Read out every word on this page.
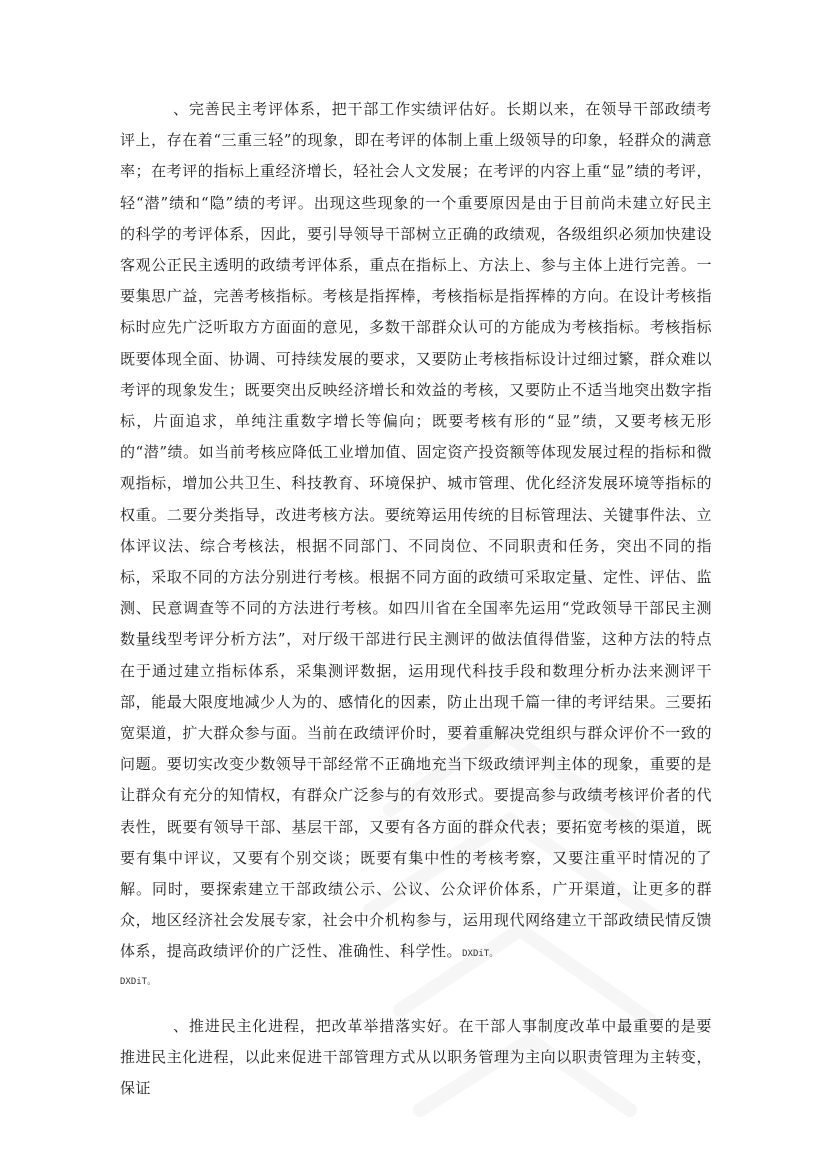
、完善民主考评体系，把干部工作实绩评估好。长期以来，在领导干部政绩考评上，存在着“三重三轻”的现象，即在考评的体制上重上级领导的印象，轻群众的满意率；在考评的指标上重经济增长，轻社会人文发展；在考评的内容上重“显”绩的考评，轻“潜”绩和“隐”绩的考评。出现这些现象的一个重要原因是由于目前尚未建立好民主的科学的考评体系，因此，要引导领导干部树立正确的政绩观，各级组织必须加快建设客观公正民主透明的政绩考评体系，重点在指标上、方法上、参与主体上进行完善。一要集思广益，完善考核指标。考核是指挥棒，考核指标是指挥棒的方向。在设计考核指标时应先广泛听取方方面面的意见，多数干部群众认可的方能成为考核指标。考核指标既要体现全面、协调、可持续发展的要求，又要防止考核指标设计过细过繁，群众难以考评的现象发生；既要突出反映经济增长和效益的考核，又要防止不适当地突出数字指标，片面追求，单纯注重数字增长等偏向；既要考核有形的“显”绩，又要考核无形的“潜”绩。如当前考核应降低工业增加值、固定资产投资额等体现发展过程的指标和微观指标，增加公共卫生、科技教育、环境保护、城市管理、优化经济发展环境等指标的权重。二要分类指导，改进考核方法。要统筹运用传统的目标管理法、关键事件法、立体评议法、综合考核法，根据不同部门、不同岗位、不同职责和任务，突出不同的指标，采取不同的方法分别进行考核。根据不同方面的政绩可采取定量、定性、评估、监测、民意调查等不同的方法进行考核。如四川省在全国率先运用“党政领导干部民主测数量线型考评分析方法”，对厅级干部进行民主测评的做法值得借鉴，这种方法的特点在于通过建立指标体系，采集测评数据，运用现代科技手段和数理分析办法来测评干部，能最大限度地减少人为的、感情化的因素，防止出现千篇一律的考评结果。三要拓宽渠道，扩大群众参与面。当前在政绩评价时，要着重解决党组织与群众评价不一致的问题。要切实改变少数领导干部经常不正确地充当下级政绩评判主体的现象，重要的是让群众有充分的知情权，有群众广泛参与的有效形式。要提高参与政绩考核评价者的代表性，既要有领导干部、基层干部，又要有各方面的群众代表；要拓宽考核的渠道，既要有集中评议，又要有个别交谈；既要有集中性的考核考察，又要注重平时情况的了解。同时，要探索建立干部政绩公示、公议、公众评价体系，广开渠道，让更多的群众，地区经济社会发展专家，社会中介机构参与，运用现代网络建立干部政绩民情反馈体系，提高政绩评价的广泛性、准确性、科学性。DXDiT。
DXDiT。

、推进民主化进程，把改革举措落实好。在干部人事制度改革中最重要的是要推进民主化进程，以此来促进干部管理方式从以职务管理为主向以职责管理为主转变，保证
